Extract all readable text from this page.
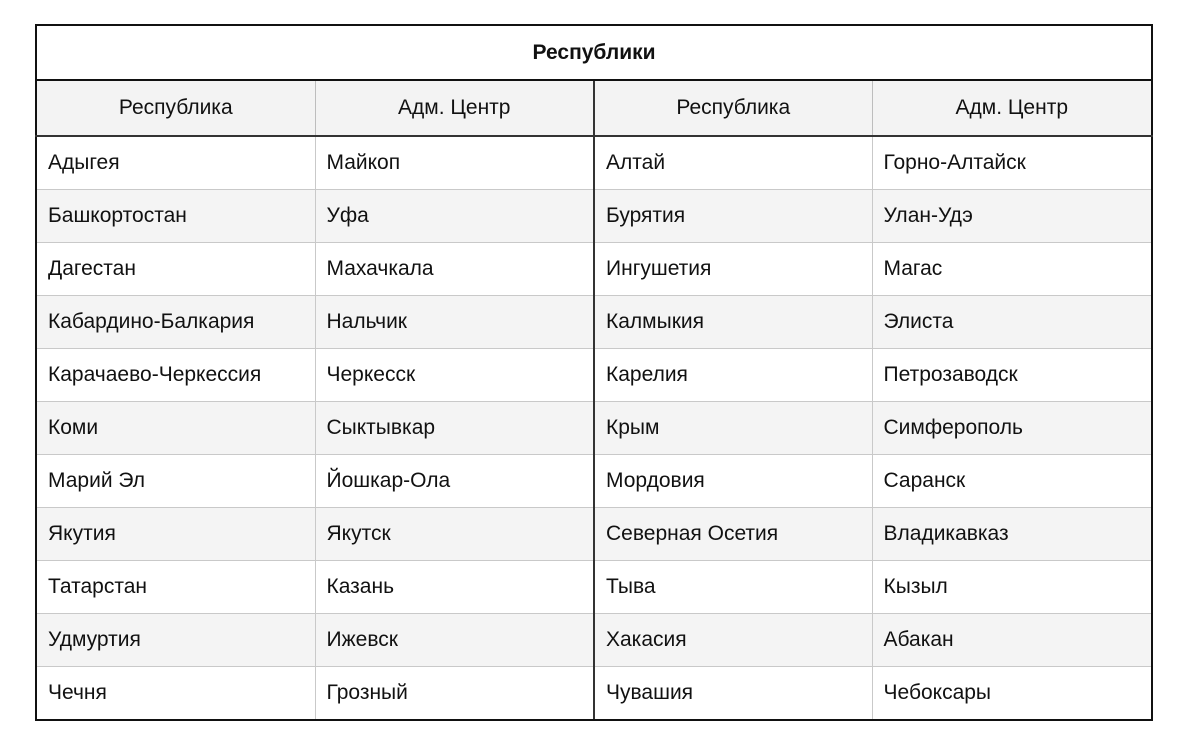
Республики			
Республика	Адм. Центр	Республика	Адм. Центр
Адыгея	Майкоп	Алтай	Горно-Алтайск
Башкортостан	Уфа	Бурятия	Улан-Удэ
Дагестан	Махачкала	Ингушетия	Магас
Кабардино-Балкария	Нальчик	Калмыкия	Элиста
Карачаево-Черкессия	Черкесск	Карелия	Петрозаводск
Коми	Сыктывкар	Крым	Симферополь
Марий Эл	Йошкар-Ола	Мордовия	Саранск
Якутия	Якутск	Северная Осетия	Владикавказ
Татарстан	Казань	Тыва	Кызыл
Удмуртия	Ижевск	Хакасия	Абакан
Чечня	Грозный	Чувашия	Чебоксары
